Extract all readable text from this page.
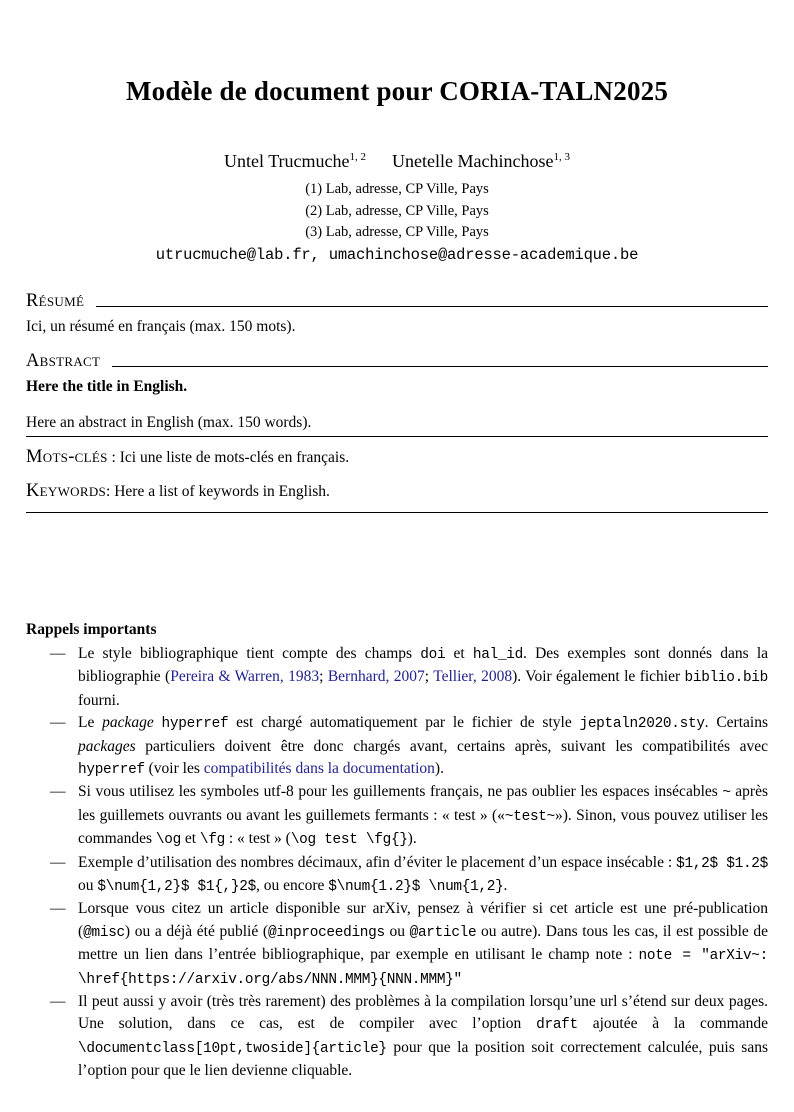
Modèle de document pour CORIA-TALN2025
Untel Trucmuche$^{1, 2}$ Unetelle Machinchose$^{1, 3}$
(1) Lab, adresse, CP Ville, Pays
(2) Lab, adresse, CP Ville, Pays
(3) Lab, adresse, CP Ville, Pays
utrucmuche@lab.fr, umachinchose@adresse-academique.be
Résumé

Ici, un résumé en français (max. 150 mots).

Abstract

Here the title in English.

Here an abstract in English (max. 150 words).

Mots-clés : Ici une liste de mots-clés en français.

Keywords: Here a list of keywords in English.

Rappels importants
— Le style bibliographique tient compte des champs doi et hal_id. Des exemples sont donnés dans la bibliographie (Pereira & Warren, 1983; Bernhard, 2007; Tellier, 2008). Voir également le fichier biblio.bib fourni.
— Le package hyperref est chargé automatiquement par le fichier de style jeptaln2020.sty. Certains packages particuliers doivent être donc chargés avant, certains après, suivant les compatibilités avec hyperref (voir les compatibilités dans la documentation).
— Si vous utilisez les symboles utf-8 pour les guillements français, ne pas oublier les espaces insécables ~ après les guillemets ouvrants ou avant les guillemets fermants : « test » («~test~»). Sinon, vous pouvez utiliser les commandes \og et \fg : « test » (\og test \fg{}).
— Exemple d’utilisation des nombres décimaux, afin d’éviter le placement d’un espace insécable : $1,2$ $1.2$ ou $\num{1,2}$ $1{,}2$, ou encore $\num{1.2}$ \num{1,2}.
— Lorsque vous citez un article disponible sur arXiv, pensez à vérifier si cet article est une pré-publication (@misc) ou a déjà été publié (@inproceedings ou @article ou autre). Dans tous les cas, il est possible de mettre un lien dans l’entrée bibliographique, par exemple en utilisant le champ note : note = "arXiv~: \href{https://arxiv.org/abs/NNN.MMM}{NNN.MMM}"
— Il peut aussi y avoir (très très rarement) des problèmes à la compilation lorsqu’une url s’étend sur deux pages. Une solution, dans ce cas, est de compiler avec l’option draft ajoutée à la commande \documentclass[10pt,twoside]{article} pour que la position soit correctement calculée, puis sans l’option pour que le lien devienne cliquable.
